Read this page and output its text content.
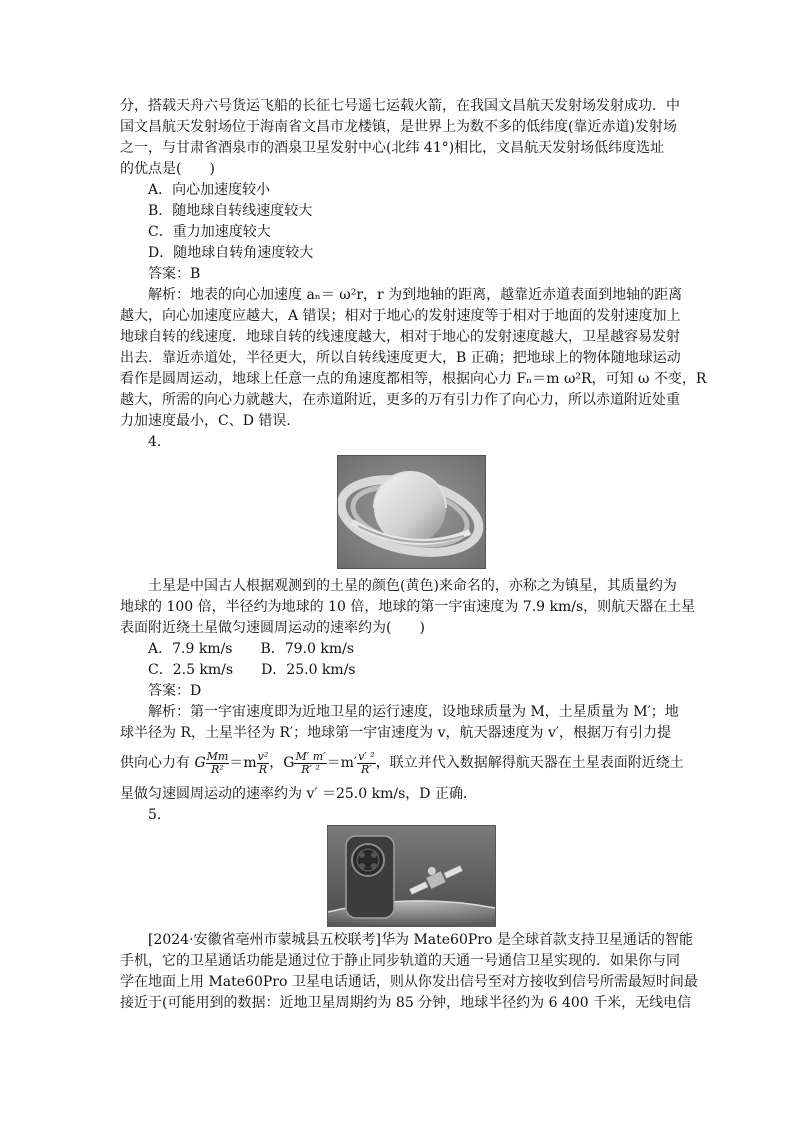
分，搭载天舟六号货运飞船的长征七号遥七运载火箭，在我国文昌航天发射场发射成功．中
国文昌航天发射场位于海南省文昌市龙楼镇，是世界上为数不多的低纬度(靠近赤道)发射场
之一，与甘肃省酒泉市的酒泉卫星发射中心(北纬 41°)相比，文昌航天发射场低纬度选址
的优点是(　　)
A．向心加速度较小
B．随地球自转线速度较大
C．重力加速度较大
D．随地球自转角速度较大
答案：B
解析：地表的向心加速度 aₙ＝ ω²r，r 为到地轴的距离，越靠近赤道表面到地轴的距离
越大，向心加速度应越大，A 错误；相对于地心的发射速度等于相对于地面的发射速度加上
地球自转的线速度．地球自转的线速度越大，相对于地心的发射速度越大，卫星越容易发射
出去．靠近赤道处，半径更大，所以自转线速度更大，B 正确；把地球上的物体随地球运动
看作是圆周运动，地球上任意一点的角速度都相等，根据向心力 Fₙ＝m ω²R，可知 ω 不变，R
越大，所需的向心力就越大，在赤道附近，更多的万有引力作了向心力，所以赤道附近处重
力加速度最小，C、D 错误．
4.
土星是中国古人根据观测到的土星的颜色(黄色)来命名的，亦称之为镇星，其质量约为
地球的 100 倍，半径约为地球的 10 倍，地球的第一宇宙速度为 7.9 km/s，则航天器在土星
表面附近绕土星做匀速圆周运动的速率约为(　　)
A．7.9 km/s　　B．79.0 km/s
C．2.5 km/s　　D．25.0 km/s
答案：D
解析：第一宇宙速度即为近地卫星的运行速度，设地球质量为 M，土星质量为 M′；地
球半径为 R，土星半径为 R′；地球第一宇宙速度为 v，航天器速度为 v′，根据万有引力提
供向心力有 G $\frac{Mm}{\text{R²}} =m \frac{\text{v²}}{R}$ ，G $\frac{M' m'}{\text{R′ ²}} =m' \frac{\text{v′ ²}}{R'}$ ，联立并代入数据解得航天器在土星表面附近绕土
星做匀速圆周运动的速率约为 v′ ＝25.0 km/s，D 正确．
5.
[2024·安徽省亳州市蒙城县五校联考]华为 Mate60Pro 是全球首款支持卫星通话的智能
手机，它的卫星通话功能是通过位于静止同步轨道的天通一号通信卫星实现的．如果你与同
学在地面上用 Mate60Pro 卫星电话通话，则从你发出信号至对方接收到信号所需最短时间最
接近于(可能用到的数据：近地卫星周期约为 85 分钟，地球半径约为 6 400 千米，无线电信
